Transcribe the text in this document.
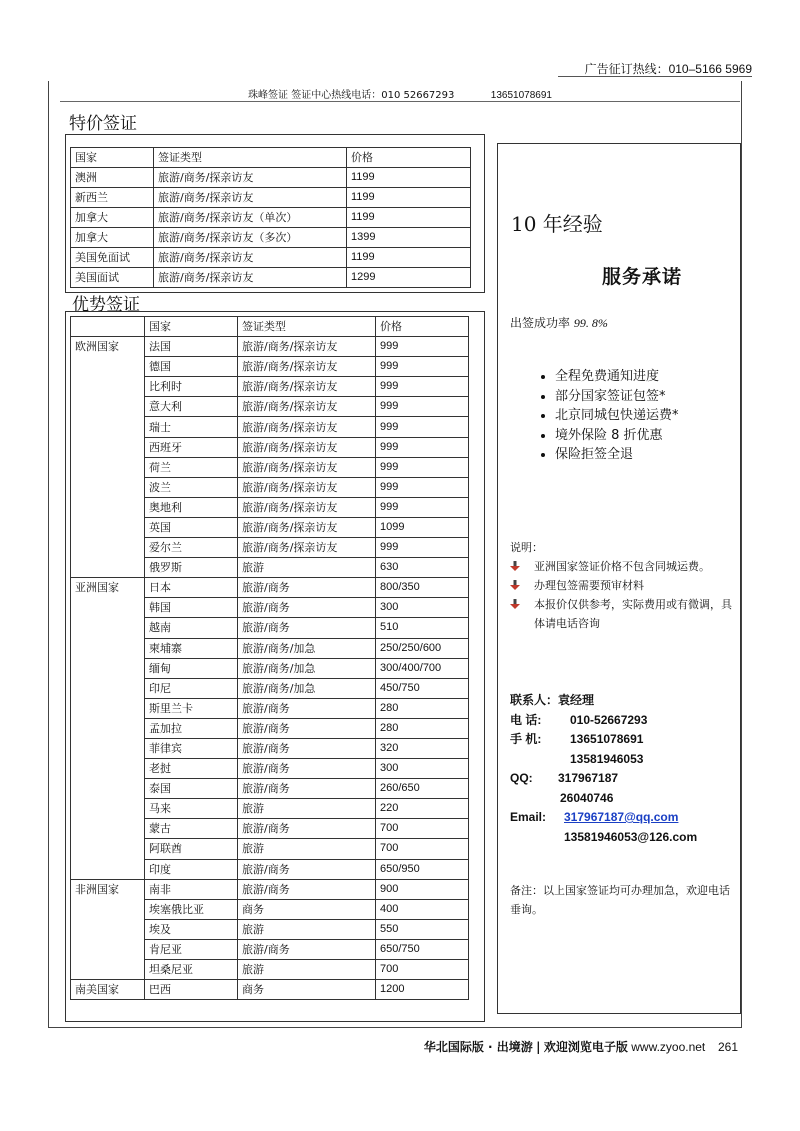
广告征订热线：010–5166 5969
珠峰签证 签证中心热线电话：010 52667293	13651078691
特价签证
国家	签证类型	价格
澳洲	旅游/商务/探亲访友	1199
新西兰	旅游/商务/探亲访友	1199
加拿大	旅游/商务/探亲访友（单次）	1199
加拿大	旅游/商务/探亲访友（多次）	1399
美国免面试	旅游/商务/探亲访友	1199
美国面试	旅游/商务/探亲访友	1299
优势签证
	国家	签证类型	价格
欧洲国家	法国	旅游/商务/探亲访友	999
	德国	旅游/商务/探亲访友	999
	比利时	旅游/商务/探亲访友	999
	意大利	旅游/商务/探亲访友	999
	瑞士	旅游/商务/探亲访友	999
	西班牙	旅游/商务/探亲访友	999
	荷兰	旅游/商务/探亲访友	999
	波兰	旅游/商务/探亲访友	999
	奥地利	旅游/商务/探亲访友	999
	英国	旅游/商务/探亲访友	1099
	爱尔兰	旅游/商务/探亲访友	999
	俄罗斯	旅游	630
亚洲国家	日本	旅游/商务	800/350
	韩国	旅游/商务	300
	越南	旅游/商务	510
	柬埔寨	旅游/商务/加急	250/250/600
	缅甸	旅游/商务/加急	300/400/700
	印尼	旅游/商务/加急	450/750
	斯里兰卡	旅游/商务	280
	孟加拉	旅游/商务	280
	菲律宾	旅游/商务	320
	老挝	旅游/商务	300
	泰国	旅游/商务	260/650
	马来	旅游	220
	蒙古	旅游/商务	700
	阿联酋	旅游	700
	印度	旅游/商务	650/950
非洲国家	南非	旅游/商务	900
	埃塞俄比亚	商务	400
	埃及	旅游	550
	肯尼亚	旅游/商务	650/750
	坦桑尼亚	旅游	700
南美国家	巴西	商务	1200
10 年经验
服务承诺
出签成功率 99. 8%
• 全程免费通知进度
• 部分国家签证包签*
• 北京同城包快递运费*
• 境外保险 8 折优惠
• 保险拒签全退
说明：
亚洲国家签证价格不包含同城运费。
办理包签需要预审材料
本报价仅供参考，实际费用或有微调，具体请电话咨询
联系人：袁经理
电 话: 010-52667293
手 机: 13651078691
13581946053
QQ: 317967187
26040746
Email: 317967187@qq.com
13581946053@126.com
备注：以上国家签证均可办理加急，欢迎电话垂询。
华北国际版 · 出境游 | 欢迎浏览电子版 www.zyoo.net 261
